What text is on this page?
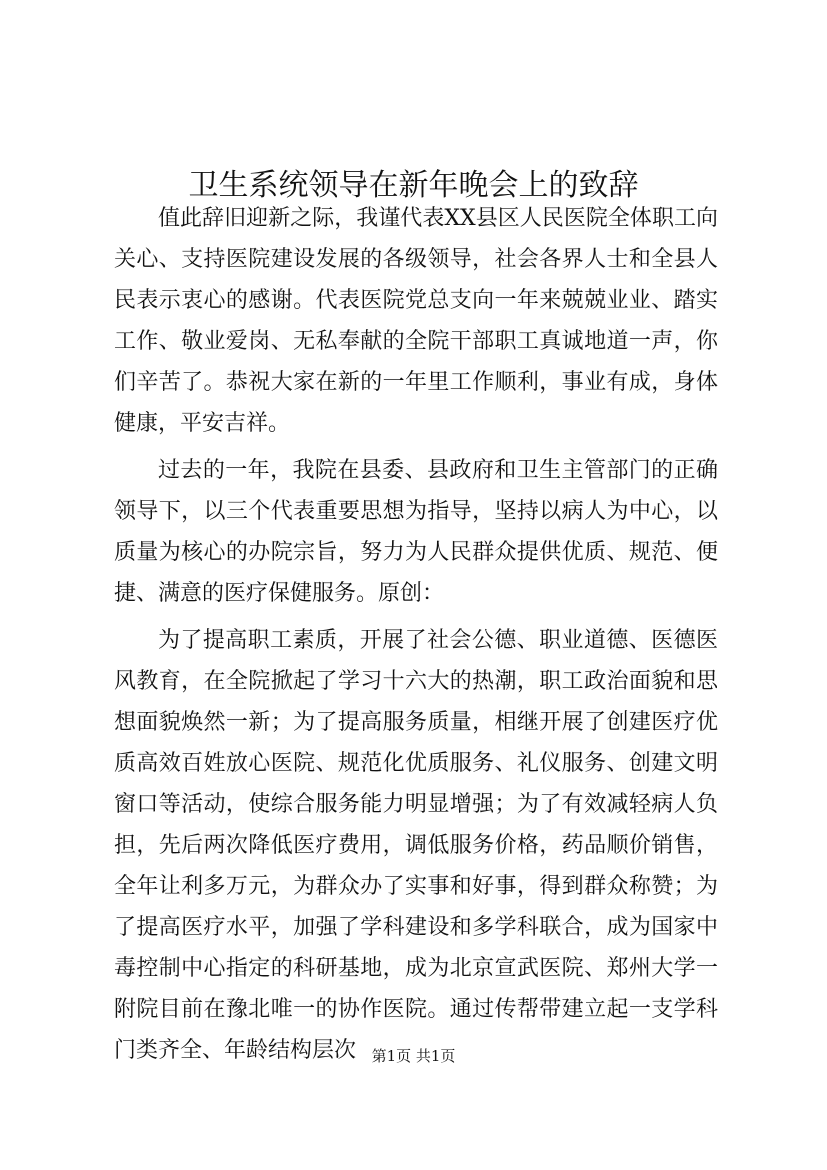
卫生系统领导在新年晚会上的致辞

值此辞旧迎新之际，我谨代表XX县区人民医院全体职工向关心、支持医院建设发展的各级领导，社会各界人士和全县人民表示衷心的感谢。代表医院党总支向一年来兢兢业业、踏实工作、敬业爱岗、无私奉献的全院干部职工真诚地道一声，你们辛苦了。恭祝大家在新的一年里工作顺利，事业有成，身体健康，平安吉祥。

过去的一年，我院在县委、县政府和卫生主管部门的正确领导下，以三个代表重要思想为指导，坚持以病人为中心，以质量为核心的办院宗旨，努力为人民群众提供优质、规范、便捷、满意的医疗保健服务。原创：

为了提高职工素质，开展了社会公德、职业道德、医德医风教育，在全院掀起了学习十六大的热潮，职工政治面貌和思想面貌焕然一新；为了提高服务质量，相继开展了创建医疗优质高效百姓放心医院、规范化优质服务、礼仪服务、创建文明窗口等活动，使综合服务能力明显增强；为了有效减轻病人负担，先后两次降低医疗费用，调低服务价格，药品顺价销售，全年让利多万元，为群众办了实事和好事，得到群众称赞；为了提高医疗水平，加强了学科建设和多学科联合，成为国家中毒控制中心指定的科研基地，成为北京宣武医院、郑州大学一附院目前在豫北唯一的协作医院。通过传帮带建立起一支学科门类齐全、年龄结构层次	第1页 共1页
